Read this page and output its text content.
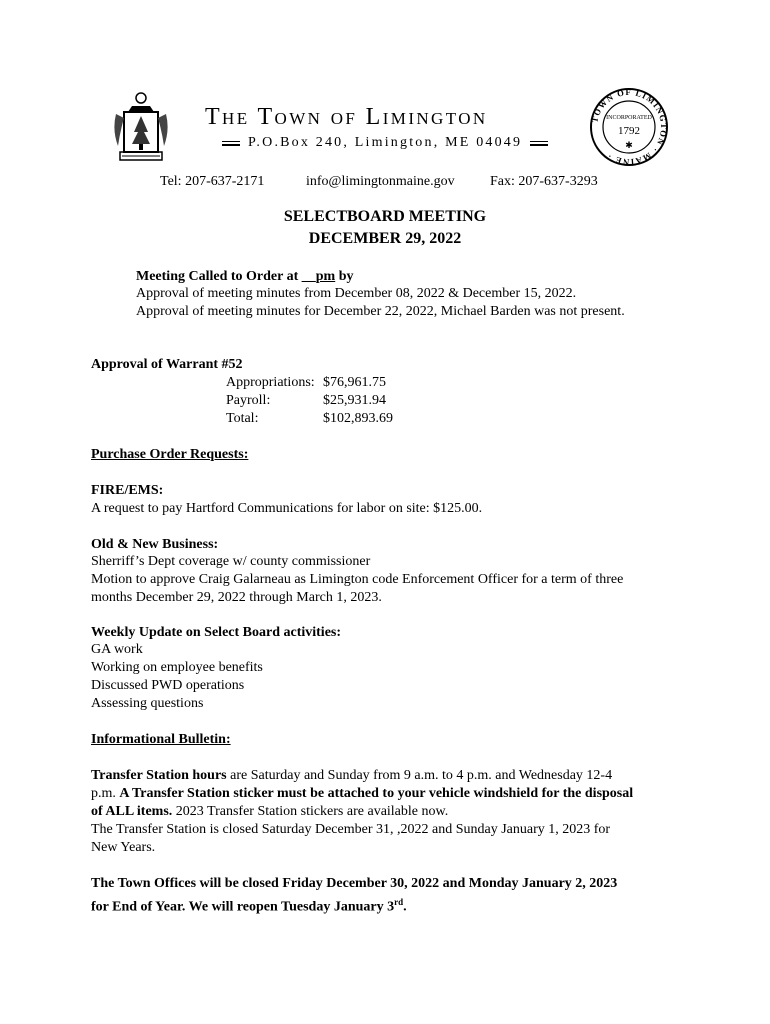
The Town of Limington
P.O.Box 240, Limington, ME 04049
TOWN OF LIMINGTON · MAINE ·
INCORPORATED
1792
✱
Tel: 207-637-2171	info@limingtonmaine.gov	Fax: 207-637-3293
SELECTBOARD MEETING
DECEMBER 29, 2022
Meeting Called to Order at __pm by
Approval of meeting minutes from December 08, 2022 & December 15, 2022.
Approval of meeting minutes for December 22, 2022, Michael Barden was not present.
Approval of Warrant #52
Appropriations: $76,961.75
Payroll:	$25,931.94
Total:	$102,893.69
Purchase Order Requests:
FIRE/EMS:
A request to pay Hartford Communications for labor on site: $125.00.
Old & New Business:
Sherriff’s Dept coverage w/ county commissioner
Motion to approve Craig Galarneau as Limington code Enforcement Officer for a term of three
months December 29, 2022 through March 1, 2023.
Weekly Update on Select Board activities:
GA work
Working on employee benefits
Discussed PWD operations
Assessing questions
Informational Bulletin:
Transfer Station hours are Saturday and Sunday from 9 a.m. to 4 p.m. and Wednesday 12-4
p.m. A Transfer Station sticker must be attached to your vehicle windshield for the disposal
of ALL items. 2023 Transfer Station stickers are available now.
The Transfer Station is closed Saturday December 31, ,2022 and Sunday January 1, 2023 for
New Years.
The Town Offices will be closed Friday December 30, 2022 and Monday January 2, 2023
for End of Year. We will reopen Tuesday January 3rd.
